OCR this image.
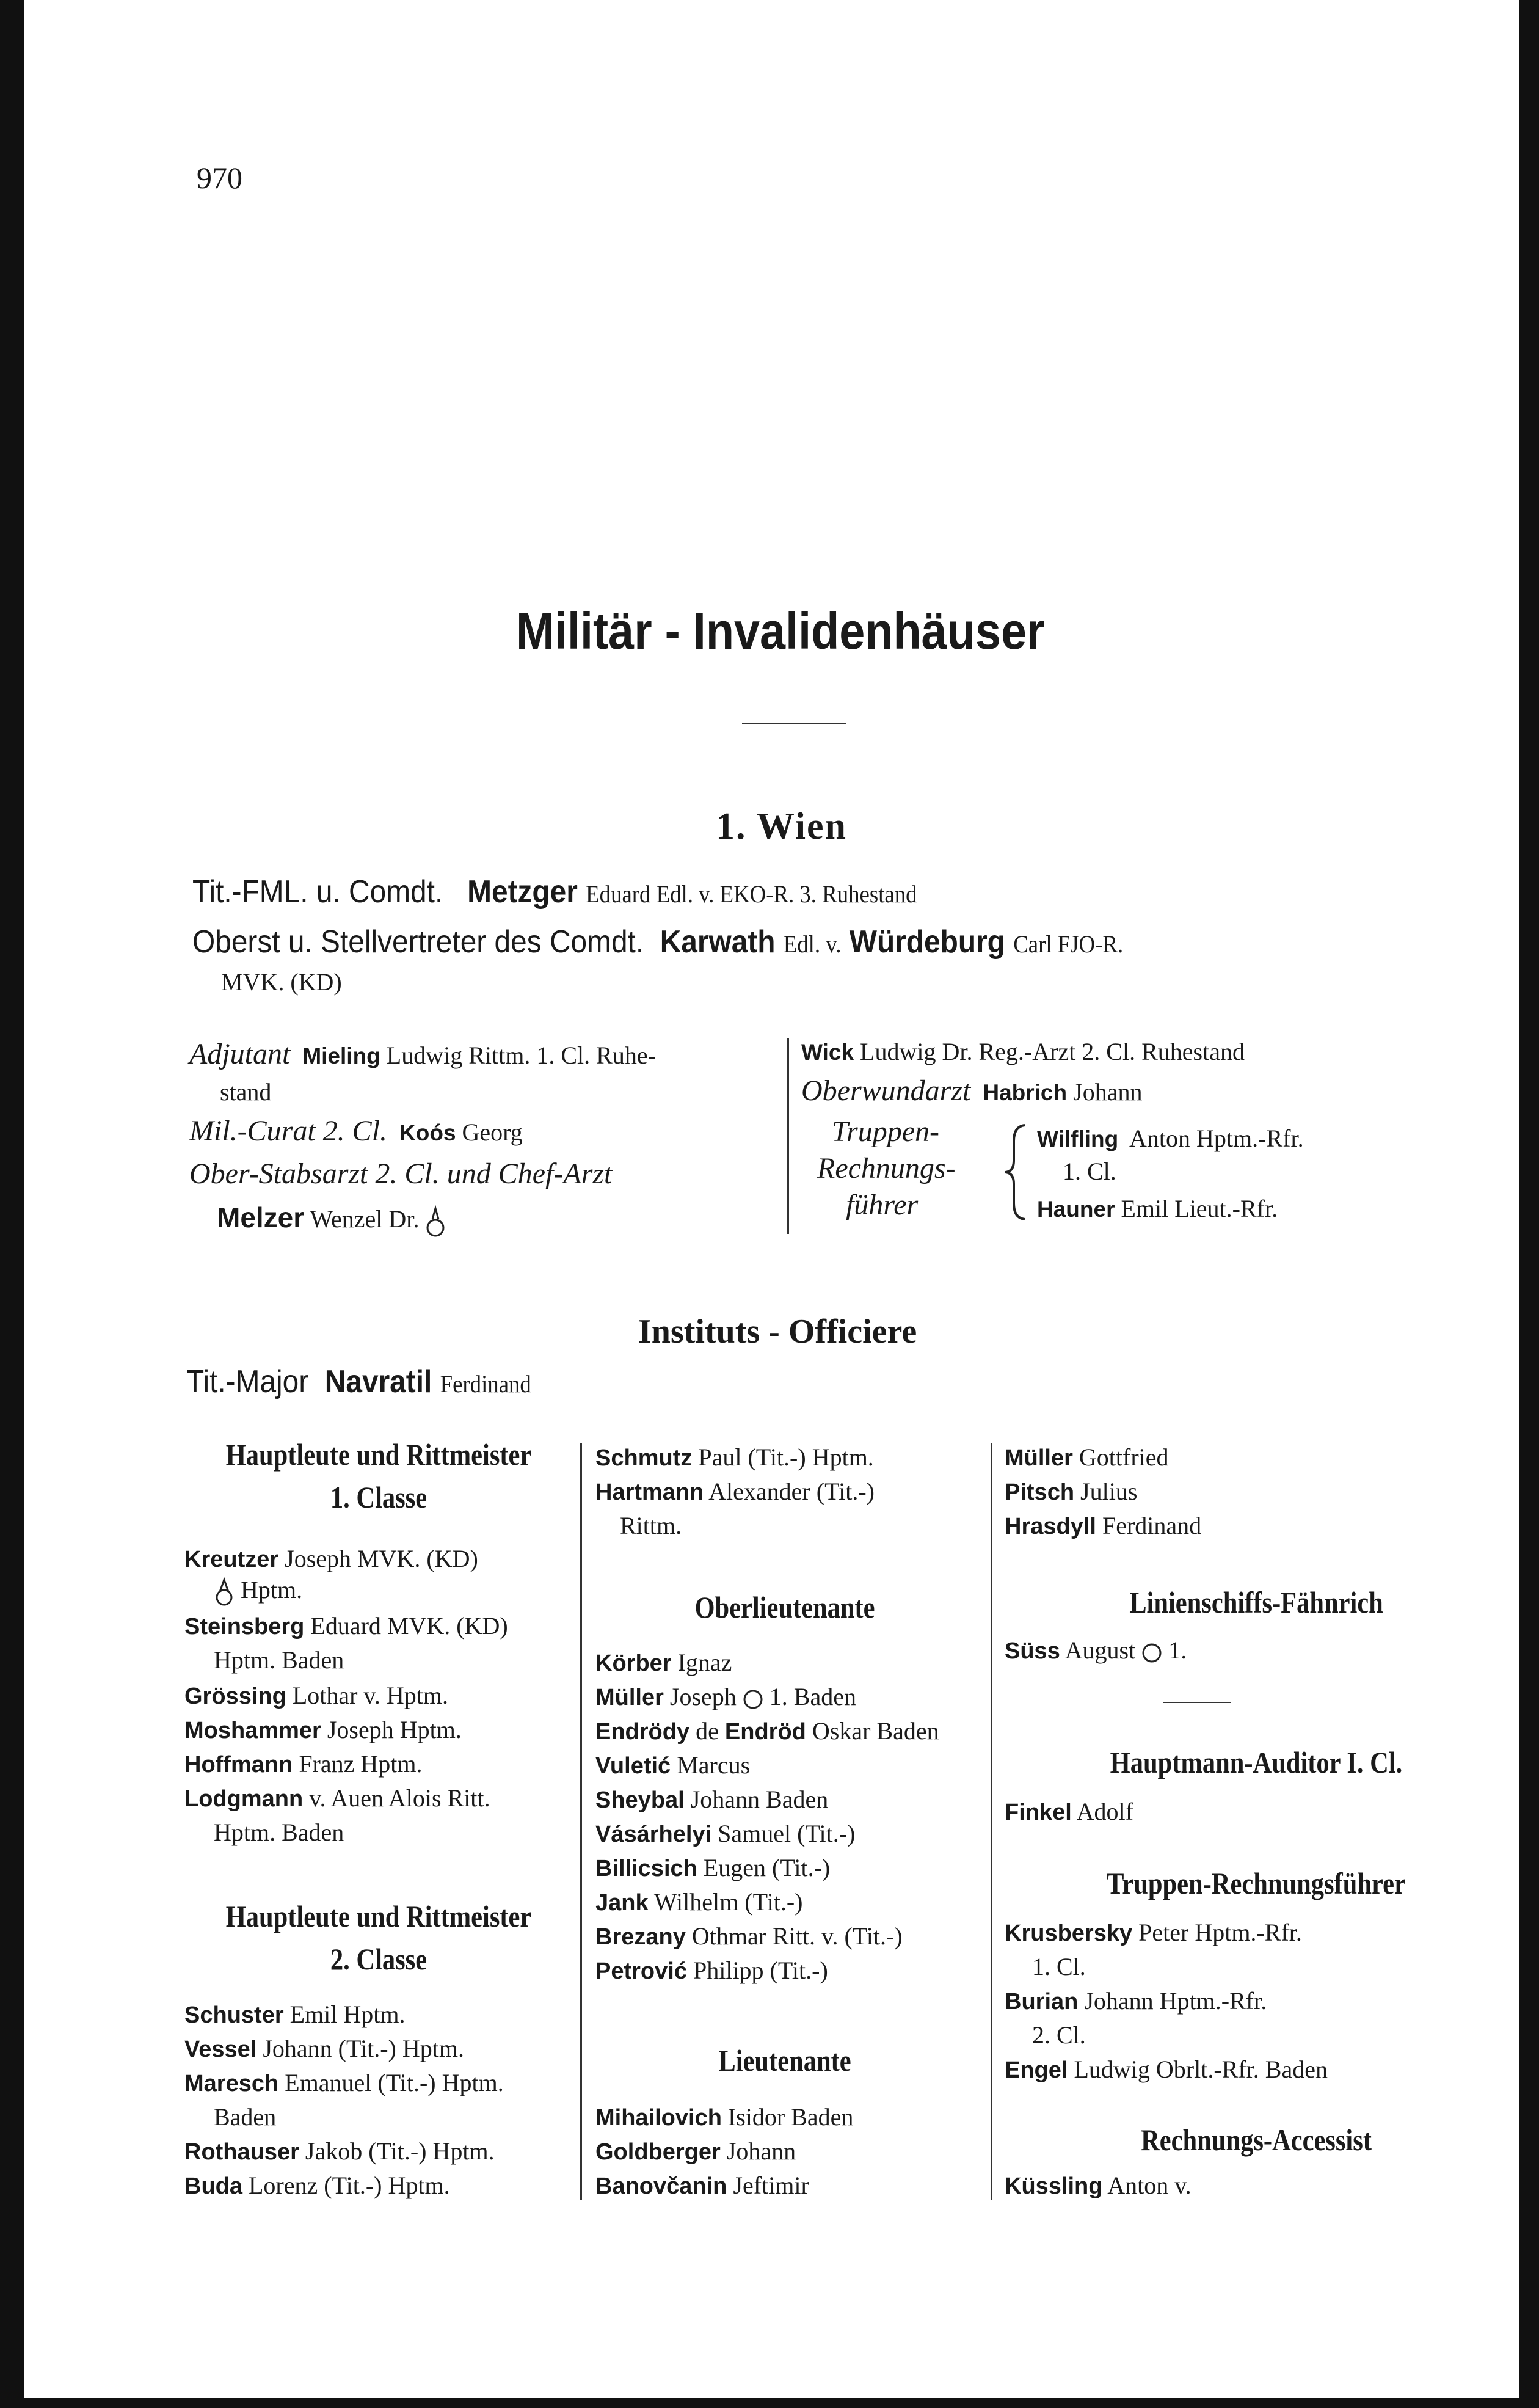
970
Militär - Invalidenhäuser
1. Wien
Tit.-FML. u. Comdt. Metzger Eduard Edl. v. EKO-R. 3. Ruhestand
Oberst u. Stellvertreter des Comdt. Karwath Edl. v. Würdeburg Carl FJO-R.
MVK. (KD)
Adjutant Mieling Ludwig Rittm. 1. Cl. Ruhe-
stand
Mil.-Curat 2. Cl. Koós Georg
Ober-Stabsarzt 2. Cl. und Chef-Arzt
Melzer Wenzel Dr.
Wick Ludwig Dr. Reg.-Arzt 2. Cl. Ruhestand
Oberwundarzt Habrich Johann
Truppen-
Rechnungs-
führer
Wilfling Anton Hptm.-Rfr.
1. Cl.
Hauner Emil Lieut.-Rfr.
Instituts - Officiere
Tit.-Major Navratil Ferdinand
Hauptleute und Rittmeister
1. Classe
Kreutzer Joseph MVK. (KD)
Hptm.
Steinsberg Eduard MVK. (KD)
Hptm. Baden
Grössing Lothar v. Hptm.
Moshammer Joseph Hptm.
Hoffmann Franz Hptm.
Lodgmann v. Auen Alois Ritt.
Hptm. Baden
Hauptleute und Rittmeister
2. Classe
Schuster Emil Hptm.
Vessel Johann (Tit.-) Hptm.
Maresch Emanuel (Tit.-) Hptm.
Baden
Rothauser Jakob (Tit.-) Hptm.
Buda Lorenz (Tit.-) Hptm.
Schmutz Paul (Tit.-) Hptm.
Hartmann Alexander (Tit.-)
Rittm.
Oberlieutenante
Körber Ignaz
Müller Joseph 1. Baden
Endrödy de Endröd Oskar Baden
Vuletić Marcus
Sheybal Johann Baden
Vásárhelyi Samuel (Tit.-)
Billicsich Eugen (Tit.-)
Jank Wilhelm (Tit.-)
Brezany Othmar Ritt. v. (Tit.-)
Petrović Philipp (Tit.-)
Lieutenante
Mihailovich Isidor Baden
Goldberger Johann
Banovčanin Jeftimir
Müller Gottfried
Pitsch Julius
Hrasdyll Ferdinand
Linienschiffs-Fähnrich
Süss August 1.
Hauptmann-Auditor I. Cl.
Finkel Adolf
Truppen-Rechnungsführer
Krusbersky Peter Hptm.-Rfr.
1. Cl.
Burian Johann Hptm.-Rfr.
2. Cl.
Engel Ludwig Obrlt.-Rfr. Baden
Rechnungs-Accessist
Küssling Anton v.
